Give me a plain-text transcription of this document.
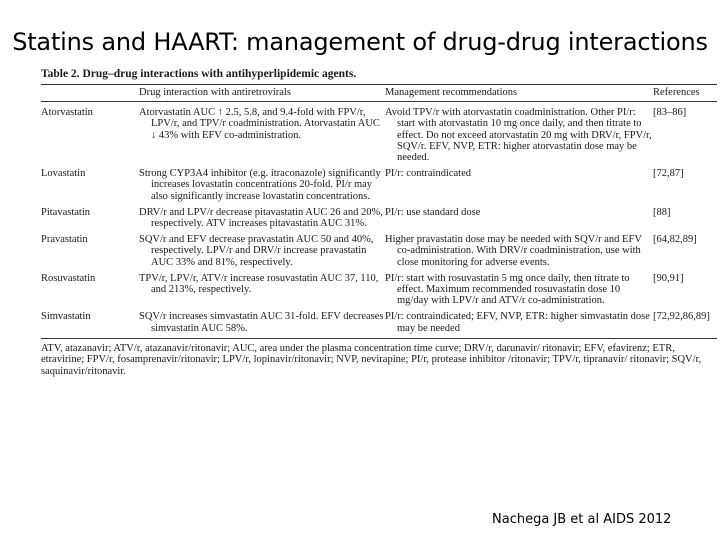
Statins and HAART: management of drug-drug interactions
Table 2. Drug–drug interactions with antihyperlipidemic agents.
	Drug interaction with antiretrovirals	Management recommendations	References
Atorvastatin	Atorvastatin AUC ↑ 2.5, 5.8, and 9.4-fold with FPV/r, LPV/r, and TPV/r coadministration. Atorvastatin AUC ↓ 43% with EFV co-administration.	Avoid TPV/r with atorvastatin coadministration. Other PI/r: start with atorvastatin 10 mg once daily, and then titrate to effect. Do not exceed atorvastatin 20 mg with DRV/r, FPV/r, SQV/r. EFV, NVP, ETR: higher atorvastatin dose may be needed.	[83–86]
Lovastatin	Strong CYP3A4 inhibitor (e.g. itraconazole) significantly increases lovastatin concentrations 20-fold. PI/r may also significantly increase lovastatin concentrations.	PI/r: contraindicated	[72,87]
Pitavastatin	DRV/r and LPV/r decrease pitavastatin AUC 26 and 20%, respectively. ATV increases pitavastatin AUC 31%.	PI/r: use standard dose	[88]
Pravastatin	SQV/r and EFV decrease pravastatin AUC 50 and 40%, respectively. LPV/r and DRV/r increase pravastatin AUC 33% and 81%, respectively.	Higher pravastatin dose may be needed with SQV/r and EFV co-administration. With DRV/r coadministration, use with close monitoring for adverse events.	[64,82,89]
Rosuvastatin	TPV/r, LPV/r, ATV/r increase rosuvastatin AUC 37, 110, and 213%, respectively.	PI/r: start with rosuvastatin 5 mg once daily, then titrate to effect. Maximum recommended rosuvastatin dose 10 mg/day with LPV/r and ATV/r co-administration.	[90,91]
Simvastatin	SQV/r increases simvastatin AUC 31-fold. EFV decreases simvastatin AUC 58%.	PI/r: contraindicated; EFV, NVP, ETR: higher simvastatin dose may be needed	[72,92,86,89]
ATV, atazanavir; ATV/r, atazanavir/ritonavir; AUC, area under the plasma concentration time curve; DRV/r, darunavir/ ritonavir; EFV, efavirenz; ETR, etravirine; FPV/r, fosamprenavir/ritonavir; LPV/r, lopinavir/ritonavir; NVP, nevirapine; PI/r, protease inhibitor /ritonavir; TPV/r, tipranavir/ ritonavir; SQV/r, saquinavir/ritonavir.
Nachega JB et al AIDS 2012
